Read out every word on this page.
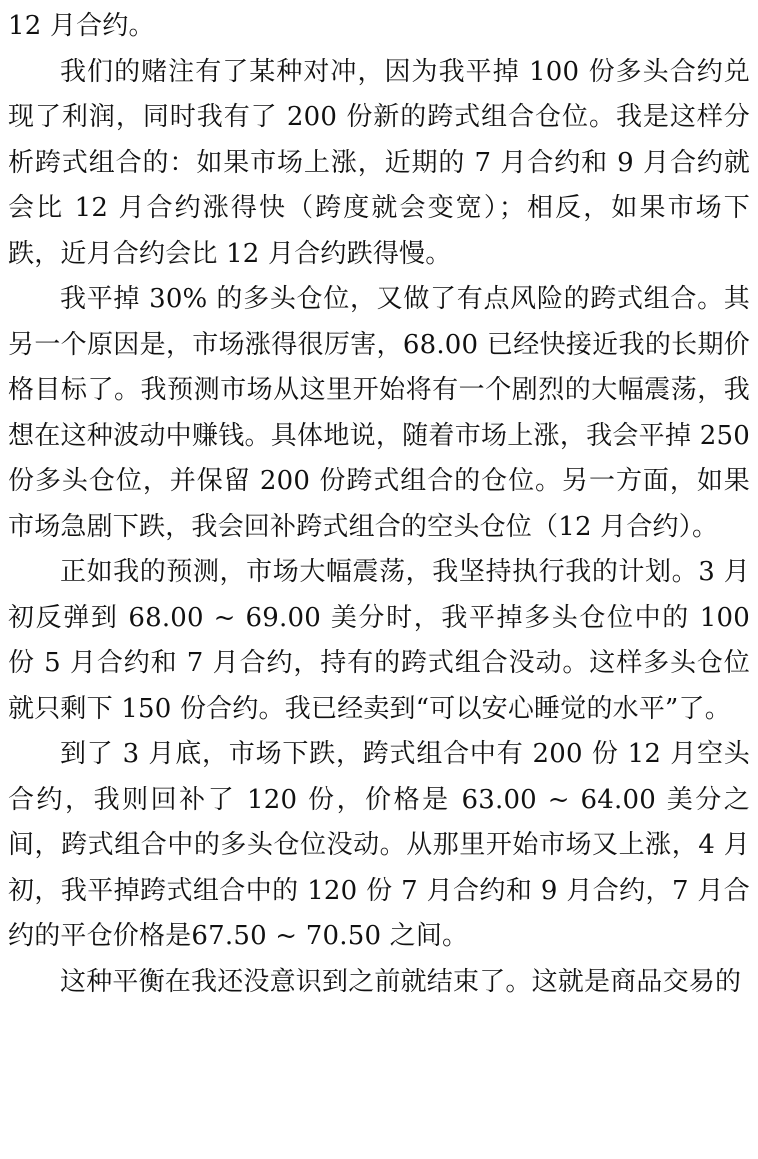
12 月合约。

我们的赌注有了某种对冲，因为我平掉 100 份多头合约兑现了利润，同时我有了 200 份新的跨式组合仓位。我是这样分析跨式组合的：如果市场上涨，近期的 7 月合约和 9 月合约就会比 12 月合约涨得快（跨度就会变宽）；相反，如果市场下跌，近月合约会比 12 月合约跌得慢。

我平掉 30% 的多头仓位，又做了有点风险的跨式组合。其另一个原因是，市场涨得很厉害，68.00 已经快接近我的长期价格目标了。我预测市场从这里开始将有一个剧烈的大幅震荡，我想在这种波动中赚钱。具体地说，随着市场上涨，我会平掉 250 份多头仓位，并保留 200 份跨式组合的仓位。另一方面，如果市场急剧下跌，我会回补跨式组合的空头仓位（12 月合约）。

正如我的预测，市场大幅震荡，我坚持执行我的计划。3 月初反弹到 68.00 ~ 69.00 美分时，我平掉多头仓位中的 100 份 5 月合约和 7 月合约，持有的跨式组合没动。这样多头仓位就只剩下 150 份合约。我已经卖到“可以安心睡觉的水平”了。

到了 3 月底，市场下跌，跨式组合中有 200 份 12 月空头合约，我则回补了 120 份，价格是 63.00 ~ 64.00 美分之间，跨式组合中的多头仓位没动。从那里开始市场又上涨，4 月初，我平掉跨式组合中的 120 份 7 月合约和 9 月合约，7 月合约的平仓价格是67.50 ~ 70.50 之间。

这种平衡在我还没意识到之前就结束了。这就是商品交易的
